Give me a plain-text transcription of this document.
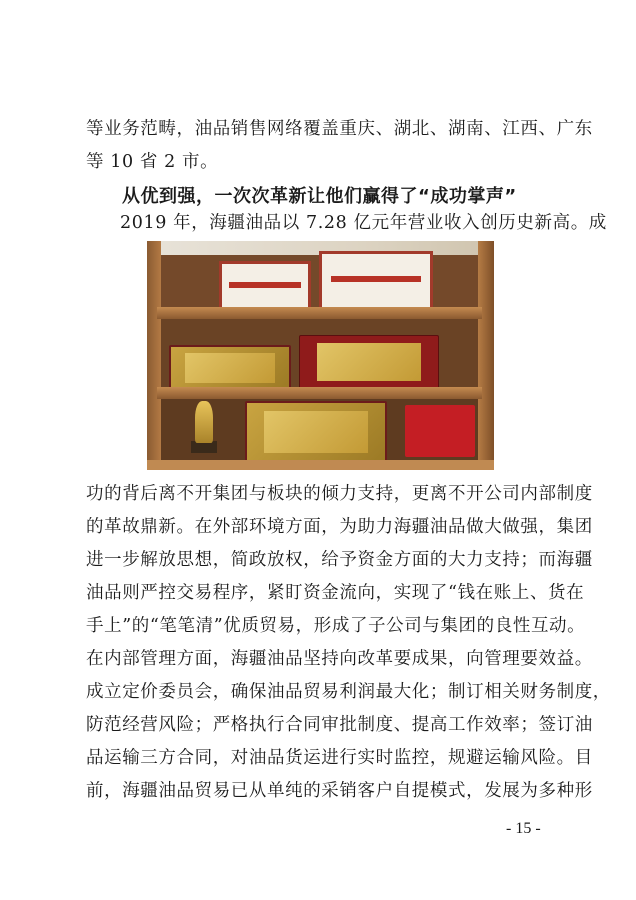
等业务范畴，油品销售网络覆盖重庆、湖北、湖南、江西、广东
等 10 省 2 市。
从优到强，一次次革新让他们赢得了“成功掌声”
2019 年，海疆油品以 7.28 亿元年营业收入创历史新高。成
功的背后离不开集团与板块的倾力支持，更离不开公司内部制度
的革故鼎新。在外部环境方面，为助力海疆油品做大做强，集团
进一步解放思想，简政放权，给予资金方面的大力支持；而海疆
油品则严控交易程序，紧盯资金流向，实现了“钱在账上、货在
手上”的“笔笔清”优质贸易，形成了子公司与集团的良性互动。
在内部管理方面，海疆油品坚持向改革要成果，向管理要效益。
成立定价委员会，确保油品贸易利润最大化；制订相关财务制度，
防范经营风险；严格执行合同审批制度、提高工作效率；签订油
品运输三方合同，对油品货运进行实时监控，规避运输风险。目
前，海疆油品贸易已从单纯的采销客户自提模式，发展为多种形
- 15 -
